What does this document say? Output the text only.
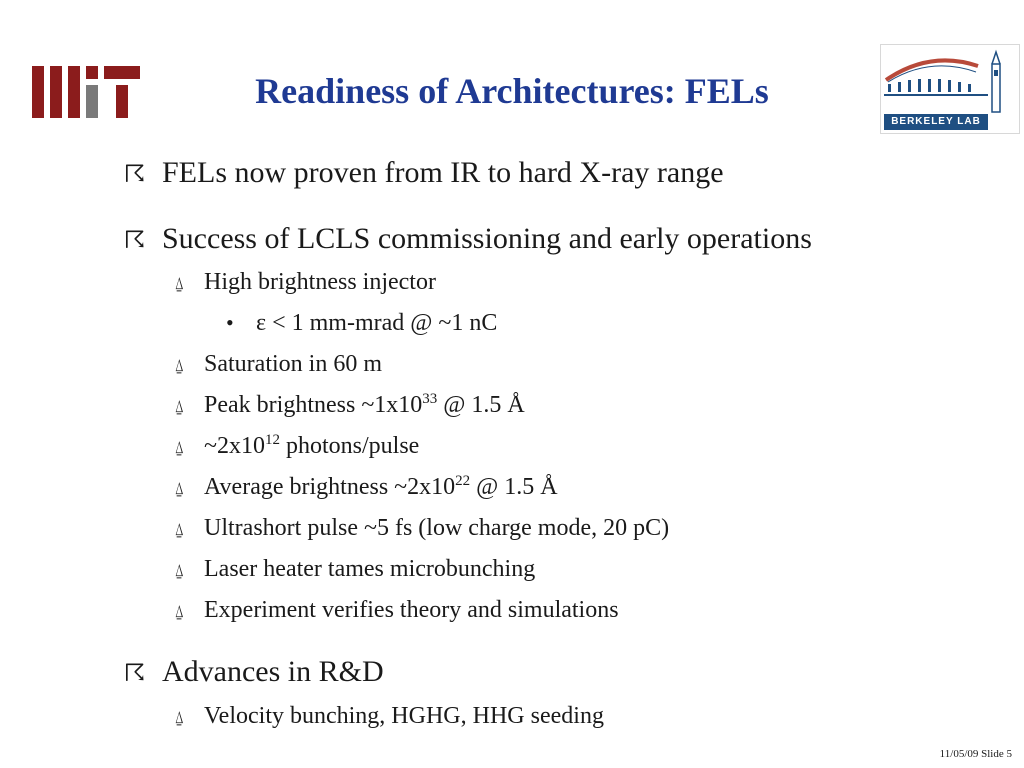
Readiness of Architectures: FELs
BERKELEY LAB
☈ FELs now proven from IR to hard X-ray range
☈ Success of LCLS commissioning and early operations
⍙ High brightness injector
• ε < 1 mm-mrad @ ~1 nC
⍙ Saturation in 60 m
⍙ Peak brightness $\sim 1x10^{33}$ @ 1.5 Å
⍙ $\sim 2x10^{12}$ photons/pulse
⍙ Average brightness $\sim 2x10^{22}$ @ 1.5 Å
⍙ Ultrashort pulse ~5 fs (low charge mode, 20 pC)
⍙ Laser heater tames microbunching
⍙ Experiment verifies theory and simulations
☈ Advances in R&D
⍙ Velocity bunching, HGHG, HHG seeding
11/05/09 Slide 5
